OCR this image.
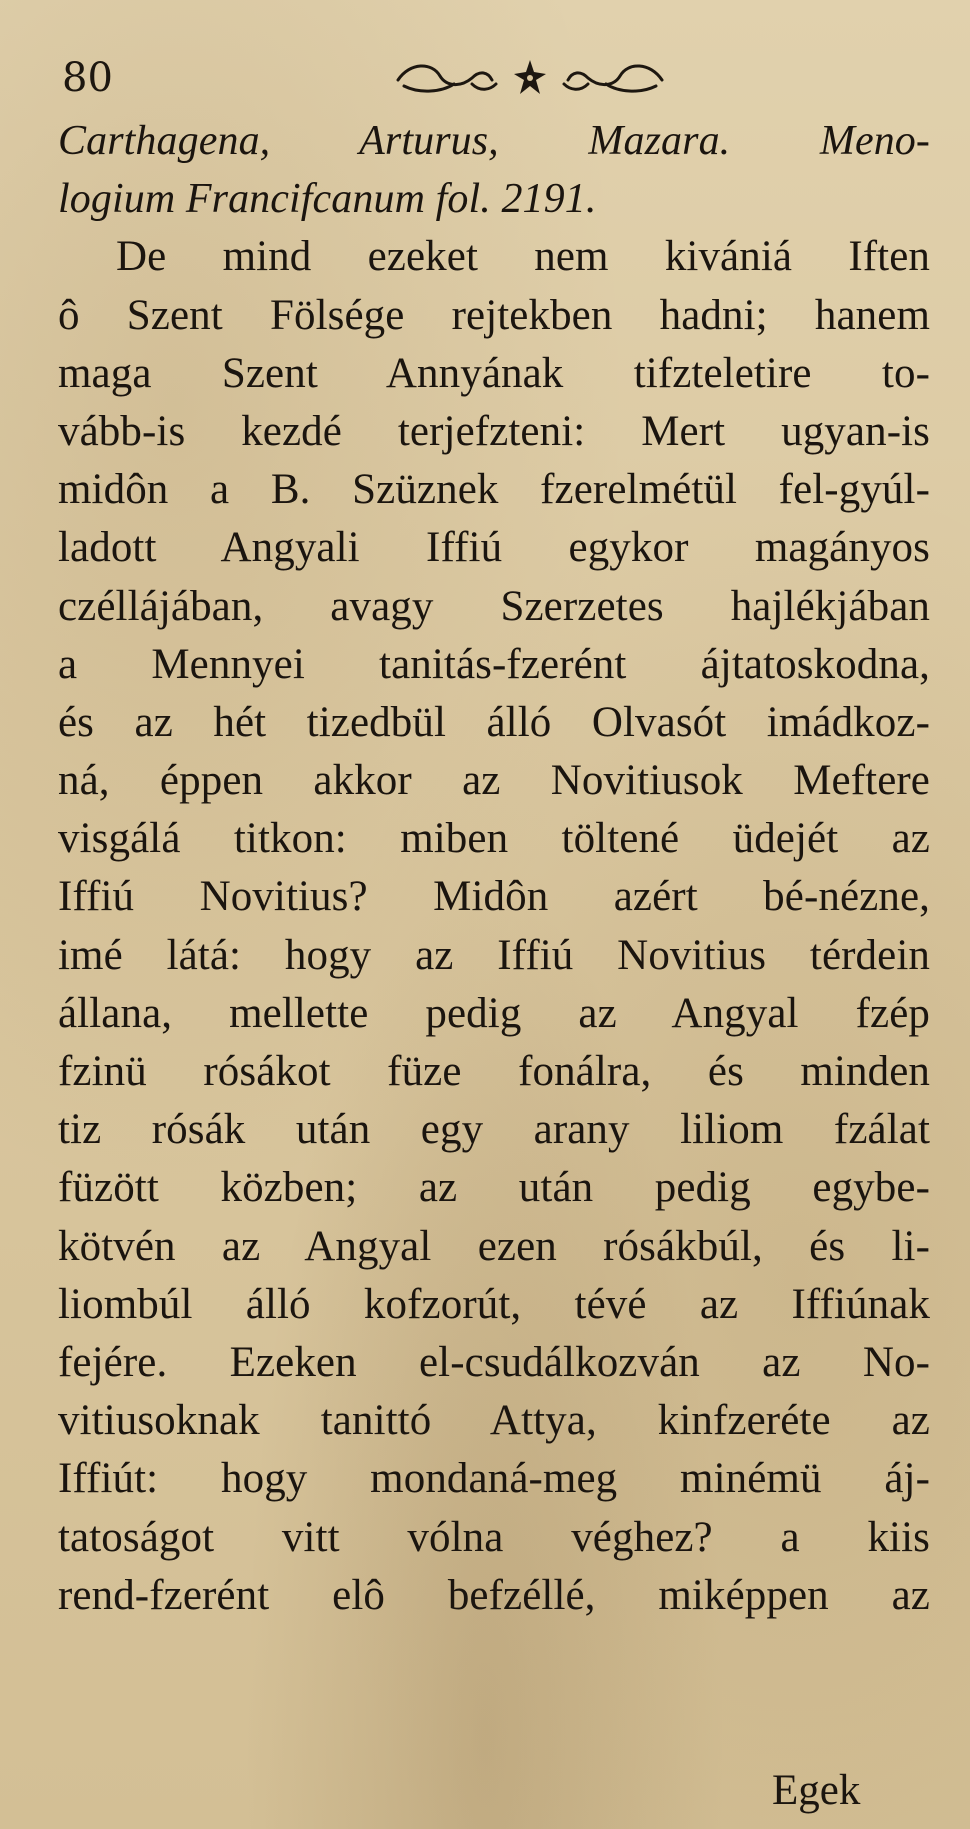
80
Carthagena, Arturus, Mazara. Meno-
logium Francifcanum fol. 2191.
De mind ezeket nem kivániá Iften
ô Szent Fölsége rejtekben hadni; hanem
maga Szent Annyának tifzteletire to-
vább-is kezdé terjefzteni: Mert ugyan-is
midôn a B. Szüznek fzerelmétül fel-gyúl-
ladott Angyali Iffiú egykor magányos
czéllájában, avagy Szerzetes hajlékjában
a Mennyei tanitás-fzerént ájtatoskodna,
és az hét tizedbül álló Olvasót imádkoz-
ná, éppen akkor az Novitiusok Meftere
visgálá titkon: miben töltené üdejét az
Iffiú Novitius? Midôn azért bé-nézne,
imé látá: hogy az Iffiú Novitius térdein
állana, mellette pedig az Angyal fzép
fzinü rósákot füze fonálra, és minden
tiz rósák után egy arany liliom fzálat
füzött közben; az után pedig egybe-
kötvén az Angyal ezen rósákbúl, és li-
liombúl álló kofzorút, tévé az Iffiúnak
fejére. Ezeken el-csudálkozván az No-
vitiusoknak tanittó Attya, kinfzeréte az
Iffiút: hogy mondaná-meg minémü áj-
tatoságot vitt vólna véghez? a kiis
rend-fzerént elô befzéllé, miképpen az
Egek
